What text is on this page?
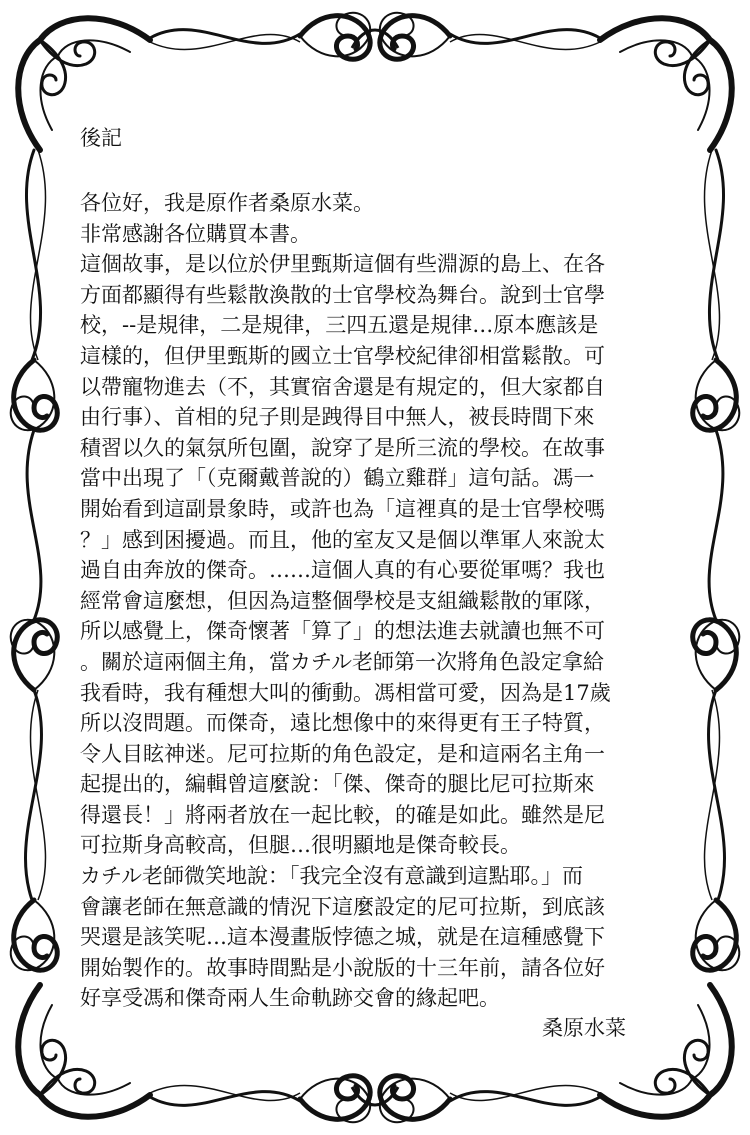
後記
各位好，我是原作者桑原水菜。
非常感謝各位購買本書。
這個故事，是以位於伊里甄斯這個有些淵源的島上、在各
方面都顯得有些鬆散渙散的士官學校為舞台。說到士官學
校，--是規律，二是規律，三四五還是規律…原本應該是
這樣的，但伊里甄斯的國立士官學校紀律卻相當鬆散。可
以帶寵物進去（不，其實宿舍還是有規定的，但大家都自
由行事）、首相的兒子則是跩得目中無人，被長時間下來
積習以久的氣氛所包圍，說穿了是所三流的學校。在故事
當中出現了「（克爾戴普說的）鶴立雞群」這句話。馮一
開始看到這副景象時，或許也為「這裡真的是士官學校嗎
？」感到困擾過。而且，他的室友又是個以準軍人來說太
過自由奔放的傑奇。……這個人真的有心要從軍嗎？我也
經常會這麼想，但因為這整個學校是支組織鬆散的軍隊，
所以感覺上，傑奇懷著「算了」的想法進去就讀也無不可
。關於這兩個主角，當カチル老師第一次將角色設定拿給
我看時，我有種想大叫的衝動。馮相當可愛，因為是17歲
所以沒問題。而傑奇，遠比想像中的來得更有王子特質，
令人目眩神迷。尼可拉斯的角色設定，是和這兩名主角一
起提出的，編輯曾這麼說：「傑、傑奇的腿比尼可拉斯來
得還長！」將兩者放在一起比較，的確是如此。雖然是尼
可拉斯身高較高，但腿…很明顯地是傑奇較長。
カチル老師微笑地說：「我完全沒有意識到這點耶。」而
會讓老師在無意識的情況下這麼設定的尼可拉斯，到底該
哭還是該笑呢…這本漫畫版悖德之城，就是在這種感覺下
開始製作的。故事時間點是小說版的十三年前，請各位好
好享受馮和傑奇兩人生命軌跡交會的緣起吧。
桑原水菜
